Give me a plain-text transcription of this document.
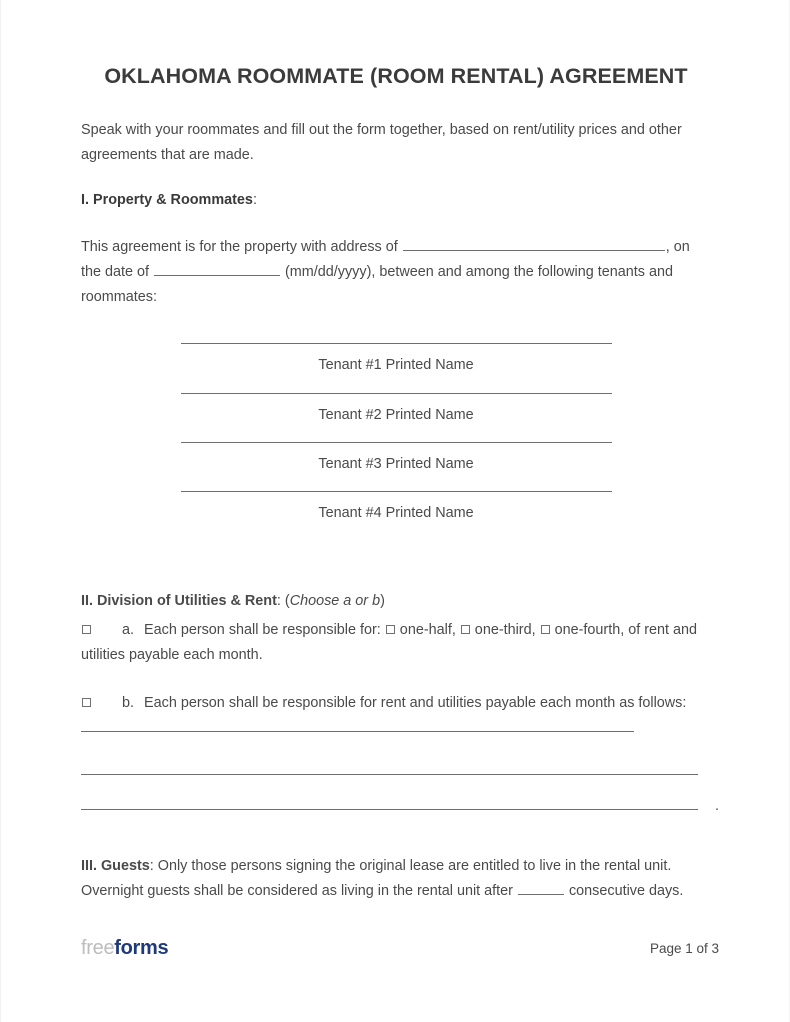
OKLAHOMA ROOMMATE (ROOM RENTAL) AGREEMENT

Speak with your roommates and fill out the form together, based on rent/utility prices and other agreements that are made.

I. Property & Roommates:

This agreement is for the property with address of	, on the date of	(mm/dd/yyyy), between and among the following tenants and roommates:

Tenant #1 Printed Name
Tenant #2 Printed Name
Tenant #3 Printed Name
Tenant #4 Printed Name

II. Division of Utilities & Rent: (Choose a or b)

a. Each person shall be responsible for:  one-half,  one-third,  one-fourth, of rent and utilities payable each month.

b. Each person shall be responsible for rent and utilities payable each month as follows:

.

III. Guests: Only those persons signing the original lease are entitled to live in the rental unit. Overnight guests shall be considered as living in the rental unit after	consecutive days.

freeforms	Page 1 of 3
